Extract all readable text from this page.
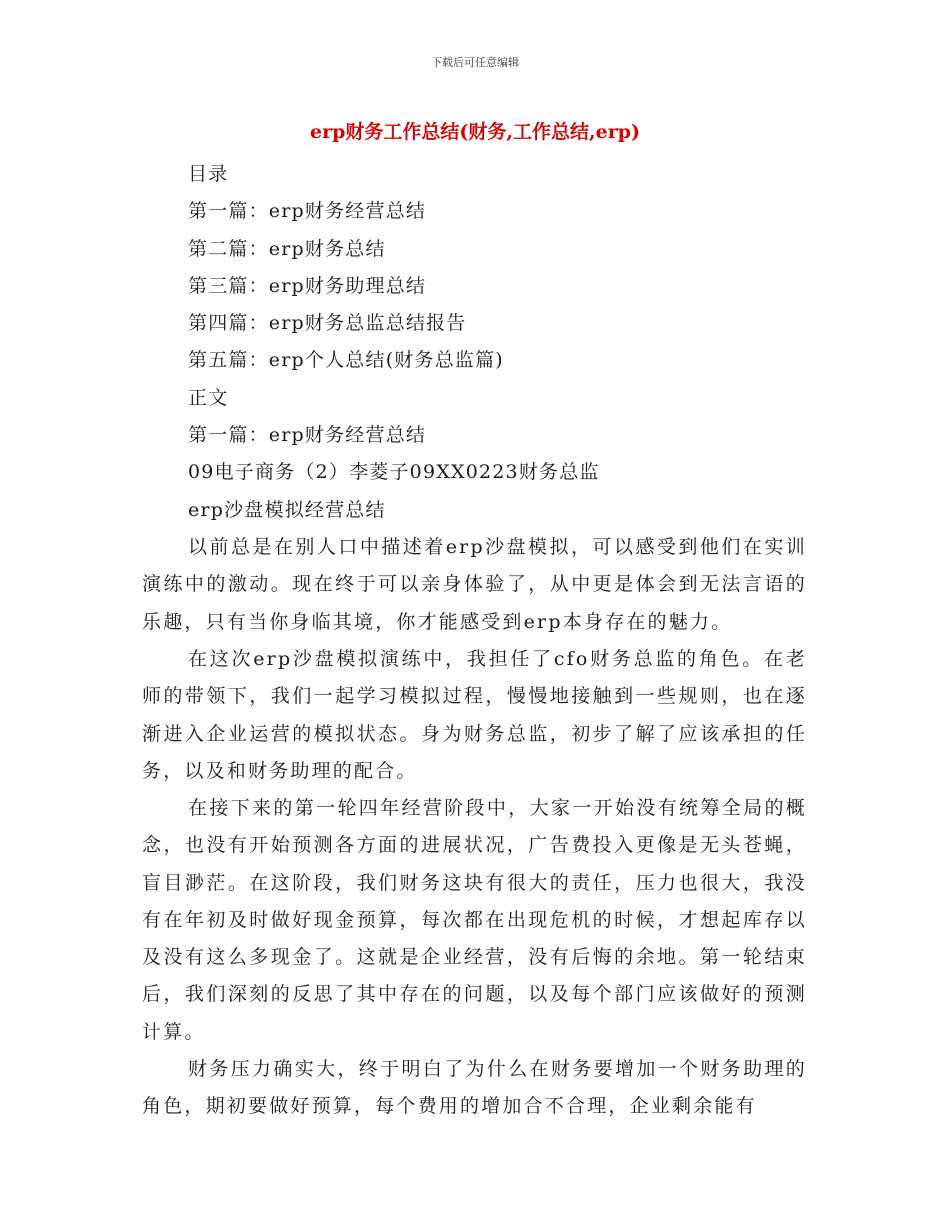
下载后可任意编辑
erp财务工作总结(财务,工作总结,erp)
目录
第一篇：erp财务经营总结
第二篇：erp财务总结
第三篇：erp财务助理总结
第四篇：erp财务总监总结报告
第五篇：erp个人总结(财务总监篇)
正文
第一篇：erp财务经营总结
09电子商务（2）李菱子09XX0223财务总监
erp沙盘模拟经营总结

以前总是在别人口中描述着erp沙盘模拟，可以感受到他们在实训演练中的激动。现在终于可以亲身体验了，从中更是体会到无法言语的乐趣，只有当你身临其境，你才能感受到erp本身存在的魅力。

在这次erp沙盘模拟演练中，我担任了cfo财务总监的角色。在老师的带领下，我们一起学习模拟过程，慢慢地接触到一些规则，也在逐渐进入企业运营的模拟状态。身为财务总监，初步了解了应该承担的任务，以及和财务助理的配合。

在接下来的第一轮四年经营阶段中，大家一开始没有统筹全局的概念，也没有开始预测各方面的进展状况，广告费投入更像是无头苍蝇，盲目渺茫。在这阶段，我们财务这块有很大的责任，压力也很大，我没有在年初及时做好现金预算，每次都在出现危机的时候，才想起库存以及没有这么多现金了。这就是企业经营，没有后悔的余地。第一轮结束后，我们深刻的反思了其中存在的问题，以及每个部门应该做好的预测计算。

财务压力确实大，终于明白了为什么在财务要增加一个财务助理的角色，期初要做好预算，每个费用的增加合不合理，企业剩余能有
